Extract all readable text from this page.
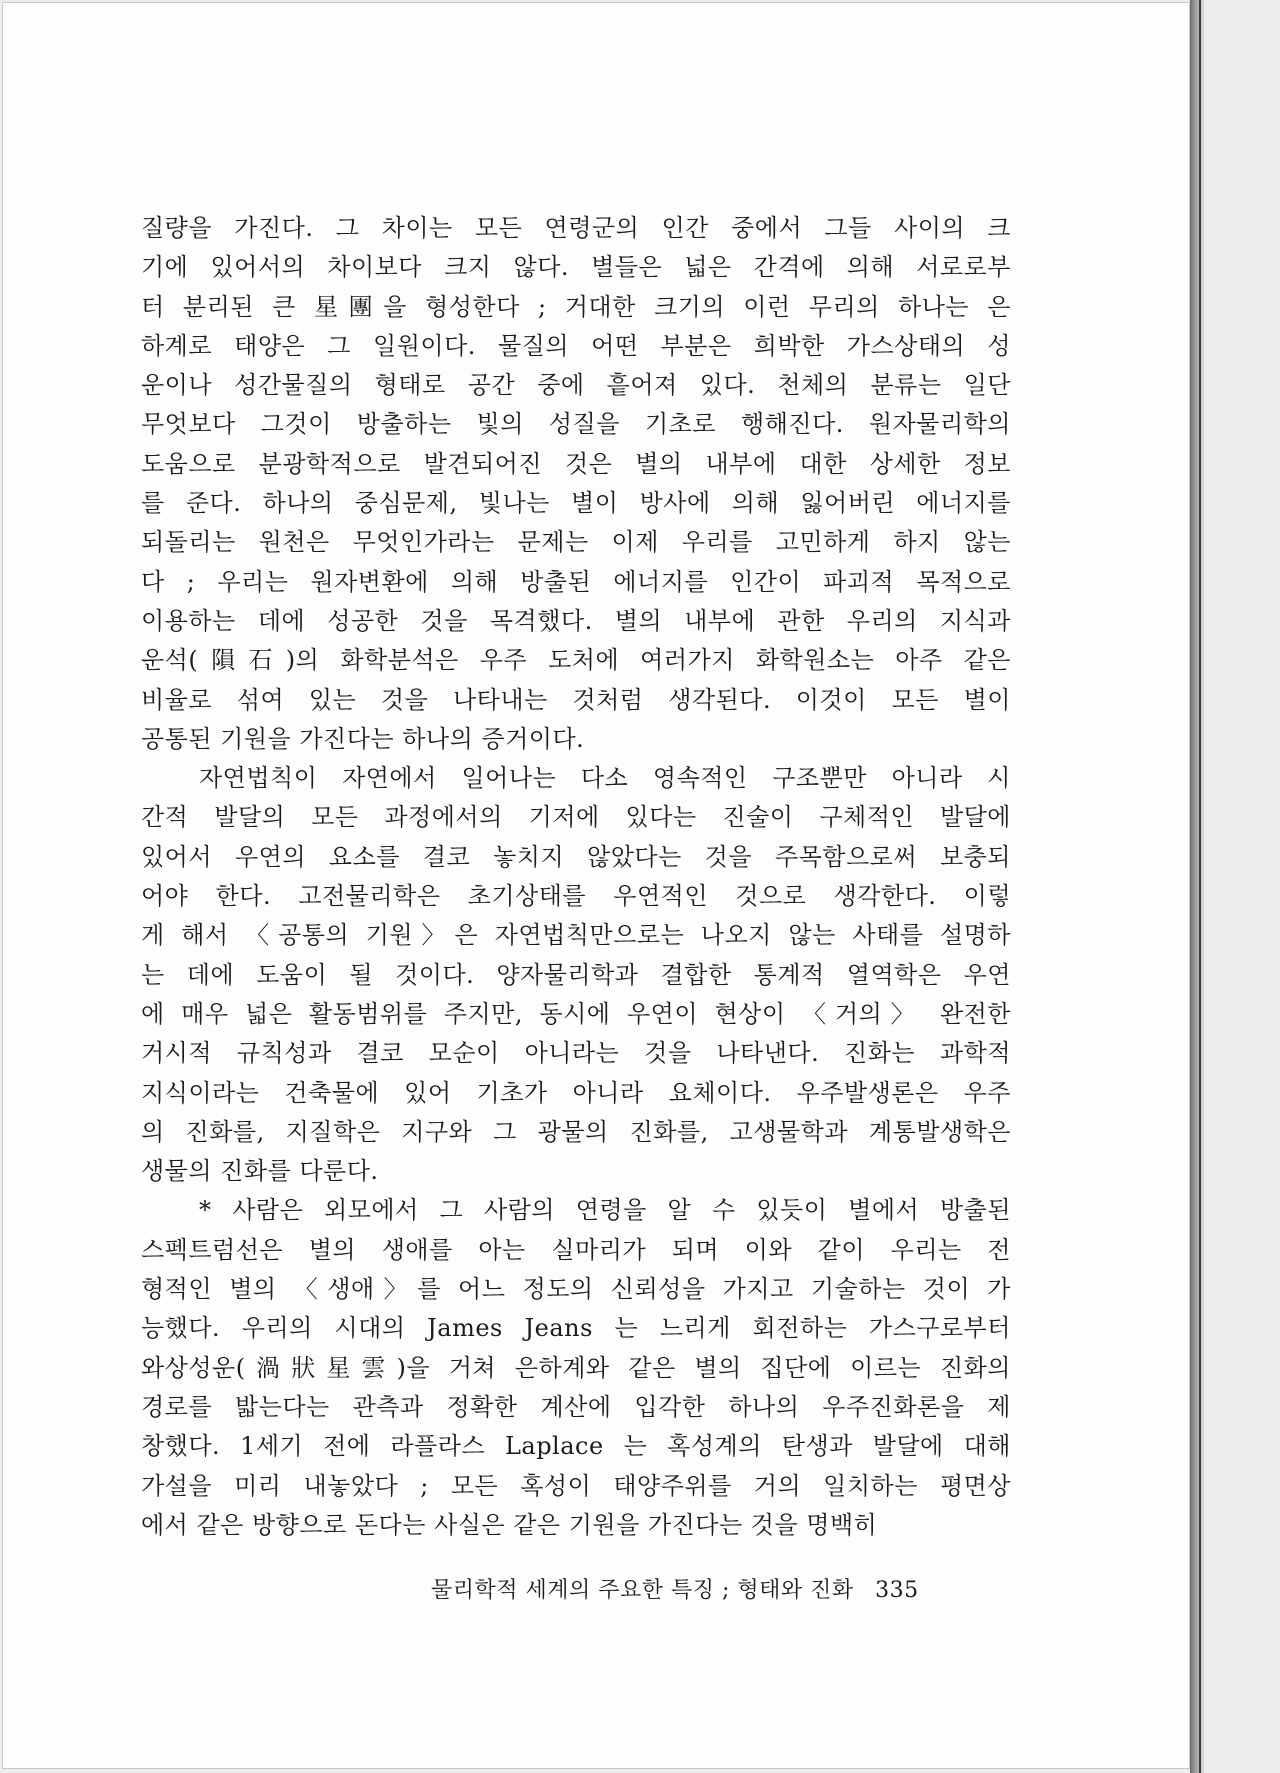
질량을 가진다. 그 차이는 모든 연령군의 인간 중에서 그들 사이의 크
기에 있어서의 차이보다 크지 않다. 별들은 넓은 간격에 의해 서로로부
터 분리된 큰 星團을 형성한다 ; 거대한 크기의 이런 무리의 하나는 은
하계로 태양은 그 일원이다. 물질의 어떤 부분은 희박한 가스상태의 성
운이나 성간물질의 형태로 공간 중에 흩어져 있다. 천체의 분류는 일단
무엇보다 그것이 방출하는 빛의 성질을 기초로 행해진다. 원자물리학의
도움으로 분광학적으로 발견되어진 것은 별의 내부에 대한 상세한 정보
를 준다. 하나의 중심문제, 빛나는 별이 방사에 의해 잃어버린 에너지를
되돌리는 원천은 무엇인가라는 문제는 이제 우리를 고민하게 하지 않는
다 ; 우리는 원자변환에 의해 방출된 에너지를 인간이 파괴적 목적으로
이용하는 데에 성공한 것을 목격했다. 별의 내부에 관한 우리의 지식과
운석(隕石)의 화학분석은 우주 도처에 여러가지 화학원소는 아주 같은
비율로 섞여 있는 것을 나타내는 것처럼 생각된다. 이것이 모든 별이
공통된 기원을 가진다는 하나의 증거이다.
자연법칙이 자연에서 일어나는 다소 영속적인 구조뿐만 아니라 시
간적 발달의 모든 과정에서의 기저에 있다는 진술이 구체적인 발달에
있어서 우연의 요소를 결코 놓치지 않았다는 것을 주목함으로써 보충되
어야 한다. 고전물리학은 초기상태를 우연적인 것으로 생각한다. 이렇
게 해서 〈공통의 기원〉은 자연법칙만으로는 나오지 않는 사태를 설명하
는 데에 도움이 될 것이다. 양자물리학과 결합한 통계적 열역학은 우연
에 매우 넓은 활동범위를 주지만, 동시에 우연이 현상이 〈거의〉 완전한
거시적 규칙성과 결코 모순이 아니라는 것을 나타낸다. 진화는 과학적
지식이라는 건축물에 있어 기초가 아니라 요체이다. 우주발생론은 우주
의 진화를, 지질학은 지구와 그 광물의 진화를, 고생물학과 계통발생학은
생물의 진화를 다룬다.
* 사람은 외모에서 그 사람의 연령을 알 수 있듯이 별에서 방출된
스펙트럼선은 별의 생애를 아는 실마리가 되며 이와 같이 우리는 전
형적인 별의 〈생애〉를 어느 정도의 신뢰성을 가지고 기술하는 것이 가
능했다. 우리의 시대의 James Jeans 는 느리게 회전하는 가스구로부터
와상성운(渦狀星雲)을 거쳐 은하계와 같은 별의 집단에 이르는 진화의
경로를 밟는다는 관측과 정확한 계산에 입각한 하나의 우주진화론을 제
창했다. 1세기 전에 라플라스 Laplace 는 혹성계의 탄생과 발달에 대해
가설을 미리 내놓았다 ; 모든 혹성이 태양주위를 거의 일치하는 평면상
에서 같은 방향으로 돈다는 사실은 같은 기원을 가진다는 것을 명백히
물리학적 세계의 주요한 특징 ; 형태와 진화 335
